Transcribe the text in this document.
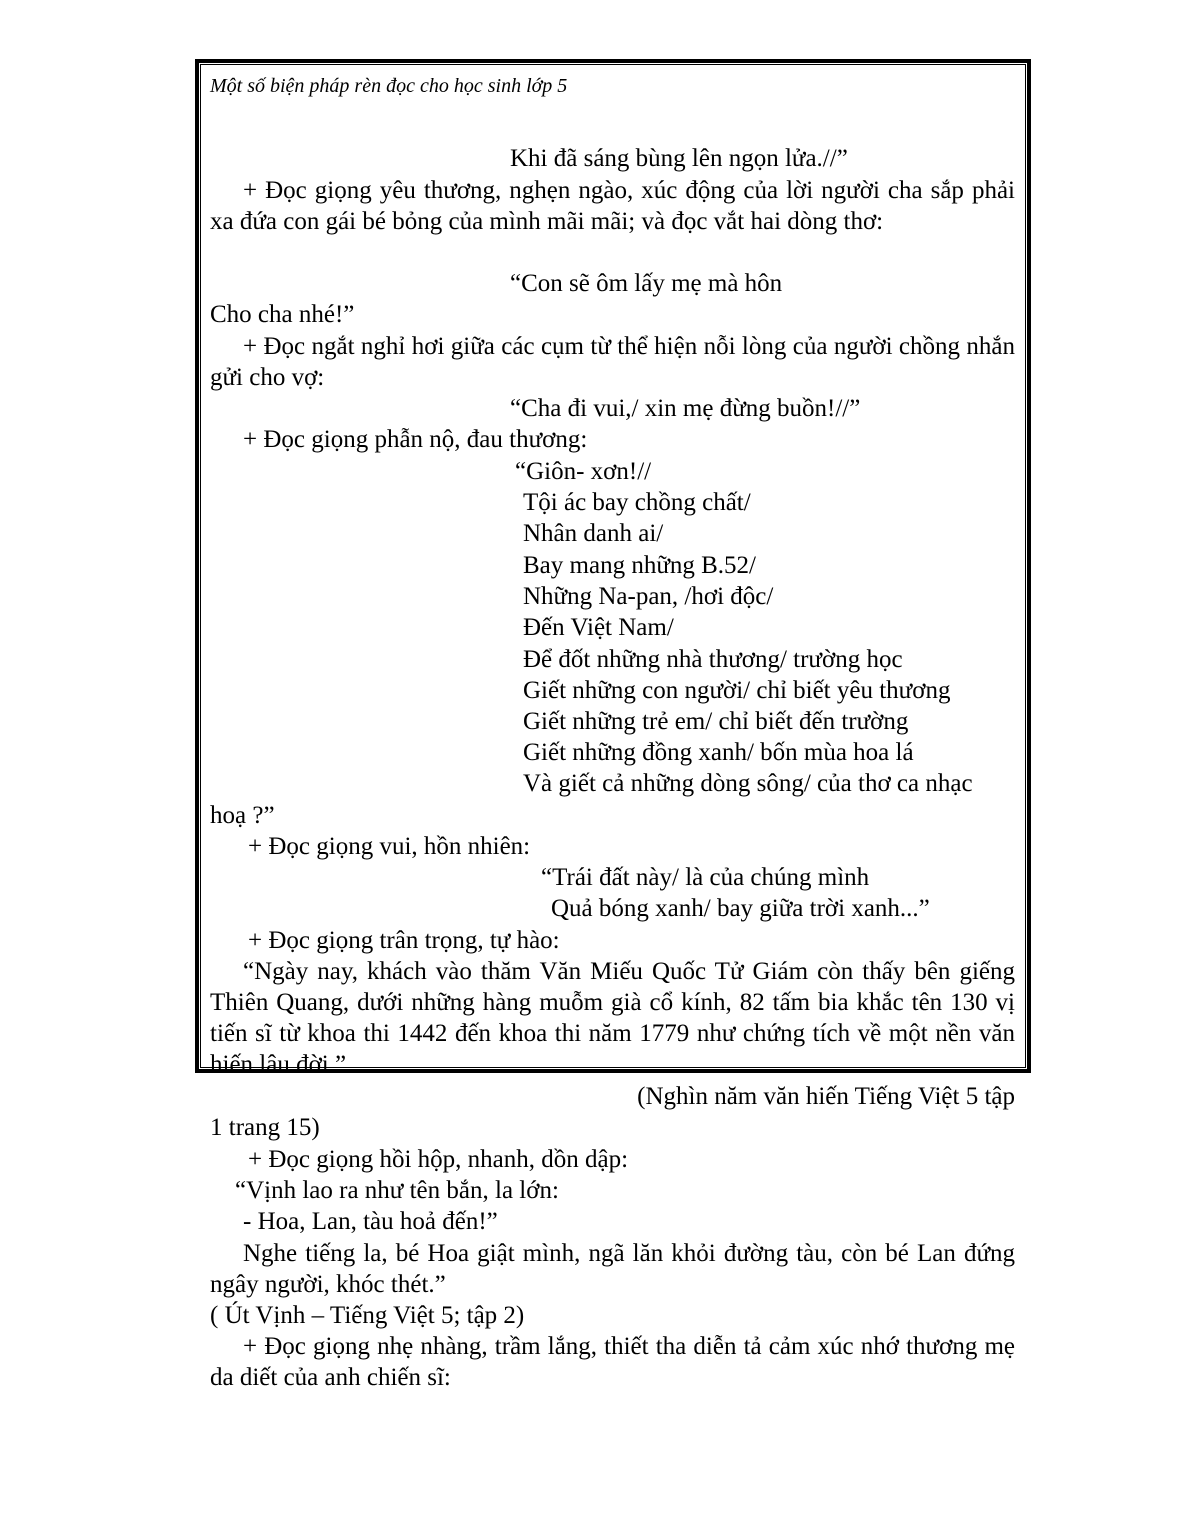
Một số biện pháp rèn đọc cho học sinh lớp 5
Khi đã sáng bùng lên ngọn lửa.//”
+ Đọc giọng yêu thương, nghẹn ngào, xúc động của lời người cha sắp phải xa đứa con gái bé bỏng của mình mãi mãi; và đọc vắt hai dòng thơ:
“Con sẽ ôm lấy mẹ mà hôn
Cho cha nhé!”
+ Đọc ngắt nghỉ hơi giữa các cụm từ thể hiện nỗi lòng của người chồng nhắn gửi cho vợ:
“Cha đi vui,/ xin mẹ đừng buồn!//”
+ Đọc giọng phẫn nộ, đau thương:
“Giôn- xơn!//
Tội ác bay chồng chất/
Nhân danh ai/
Bay mang những B.52/
Những Na-pan, /hơi độc/
Đến Việt Nam/
Để đốt những nhà thương/ trường học
Giết những con người/ chỉ biết yêu thương
Giết những trẻ em/ chỉ biết đến trường
Giết những đồng xanh/ bốn mùa hoa lá
Và giết cả những dòng sông/ của thơ ca nhạc
hoạ ?”
+ Đọc giọng vui, hồn nhiên:
“Trái đất này/ là của chúng mình
Quả bóng xanh/ bay giữa trời xanh...”
+ Đọc giọng trân trọng, tự hào:
“Ngày nay, khách vào thăm Văn Miếu Quốc Tử Giám còn thấy bên giếng Thiên Quang, dưới những hàng muỗm già cổ kính, 82 tấm bia khắc tên 130 vị tiến sĩ từ khoa thi 1442 đến khoa thi năm 1779 như chứng tích về một nền văn hiến lâu đời.”
(Nghìn năm văn hiến Tiếng Việt 5 tập
1 trang 15)
+ Đọc giọng hồi hộp, nhanh, dồn dập:
“Vịnh lao ra như tên bắn, la lớn:
- Hoa, Lan, tàu hoả đến!”
Nghe tiếng la, bé Hoa giật mình, ngã lăn khỏi đường tàu, còn bé Lan đứng ngây người, khóc thét.”
( Út Vịnh – Tiếng Việt 5; tập 2)
+ Đọc giọng nhẹ nhàng, trầm lắng, thiết tha diễn tả cảm xúc nhớ thương mẹ da diết của anh chiến sĩ:
